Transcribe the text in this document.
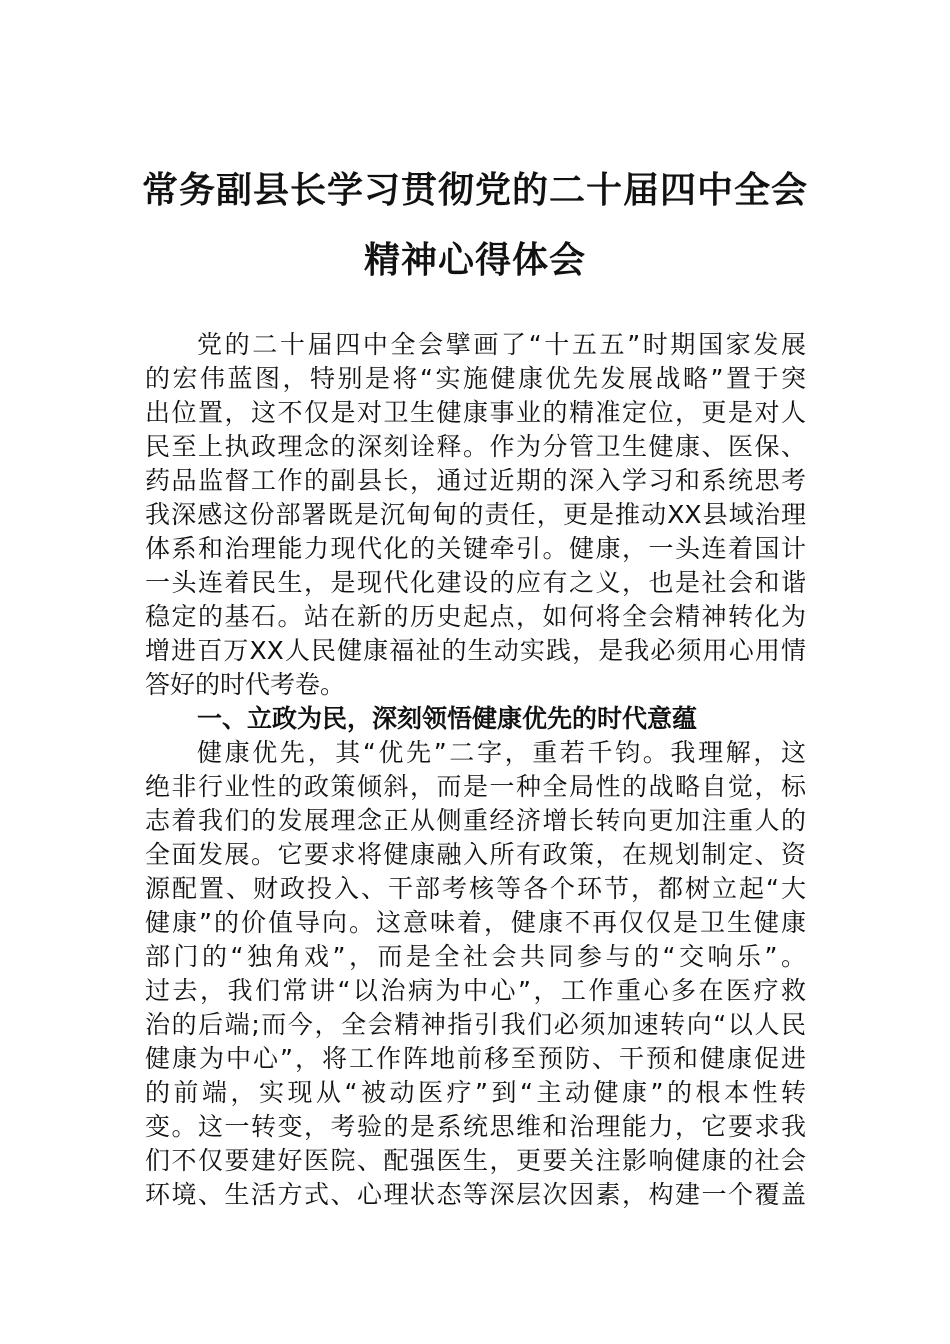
常务副县长学习贯彻党的二十届四中全会
精神心得体会
党的二十届四中全会擘画了“十五五”时期国家发展
的宏伟蓝图，特别是将“实施健康优先发展战略”置于突
出位置，这不仅是对卫生健康事业的精准定位，更是对人
民至上执政理念的深刻诠释。作为分管卫生健康、医保、
药品监督工作的副县长，通过近期的深入学习和系统思考
我深感这份部署既是沉甸甸的责任，更是推动XX县域治理
体系和治理能力现代化的关键牵引。健康，一头连着国计
一头连着民生，是现代化建设的应有之义，也是社会和谐
稳定的基石。站在新的历史起点，如何将全会精神转化为
增进百万XX人民健康福祉的生动实践，是我必须用心用情
答好的时代考卷。
一、立政为民，深刻领悟健康优先的时代意蕴
健康优先，其“优先”二字，重若千钧。我理解，这
绝非行业性的政策倾斜，而是一种全局性的战略自觉，标
志着我们的发展理念正从侧重经济增长转向更加注重人的
全面发展。它要求将健康融入所有政策，在规划制定、资
源配置、财政投入、干部考核等各个环节，都树立起“大
健康”的价值导向。这意味着，健康不再仅仅是卫生健康
部门的“独角戏”，而是全社会共同参与的“交响乐”。
过去，我们常讲“以治病为中心”，工作重心多在医疗救
治的后端;而今，全会精神指引我们必须加速转向“以人民
健康为中心”，将工作阵地前移至预防、干预和健康促进
的前端，实现从“被动医疗”到“主动健康”的根本性转
变。这一转变，考验的是系统思维和治理能力，它要求我
们不仅要建好医院、配强医生，更要关注影响健康的社会
环境、生活方式、心理状态等深层次因素，构建一个覆盖
